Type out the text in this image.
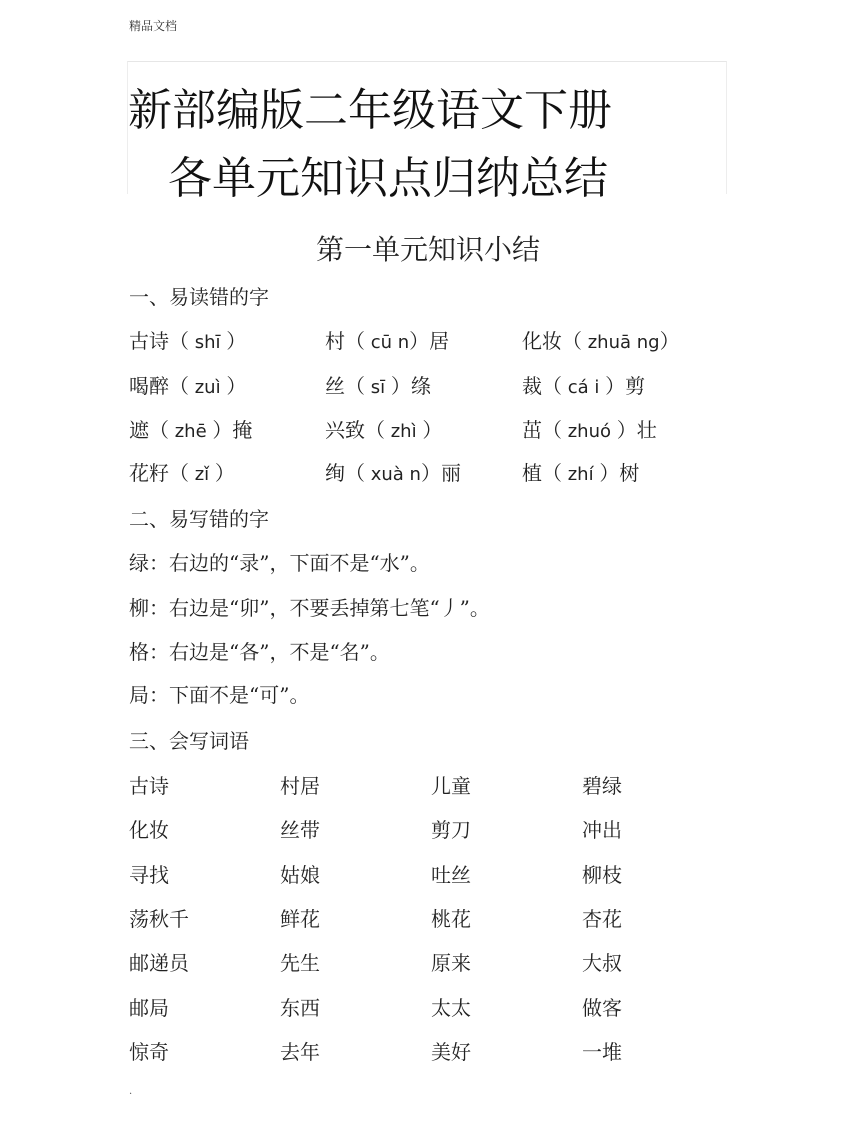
精品文档
新部编版二年级语文下册
各单元知识点归纳总结
第一单元知识小结
一、易读错的字
古诗（ shī ）	村（ cū n）居	化妆（ zhuā ng）
喝醉（ zuì ）	丝（ sī ）绦	裁（ cá i ）剪
遮（ zhē ）掩	兴致（ zhì ）	茁（ zhuó ）壮
花籽（ zǐ ）	绚（ xuà n）丽	植（ zhí ）树
二、易写错的字
绿：右边的“录”，下面不是“水”。
柳：右边是“卯”，不要丢掉第七笔“丿”。
格：右边是“各”，不是“名”。
局：下面不是“可”。
三、会写词语
古诗	村居	儿童	碧绿
化妆	丝带	剪刀	冲出
寻找	姑娘	吐丝	柳枝
荡秋千	鲜花	桃花	杏花
邮递员	先生	原来	大叔
邮局	东西	太太	做客
惊奇	去年	美好	一堆
.
